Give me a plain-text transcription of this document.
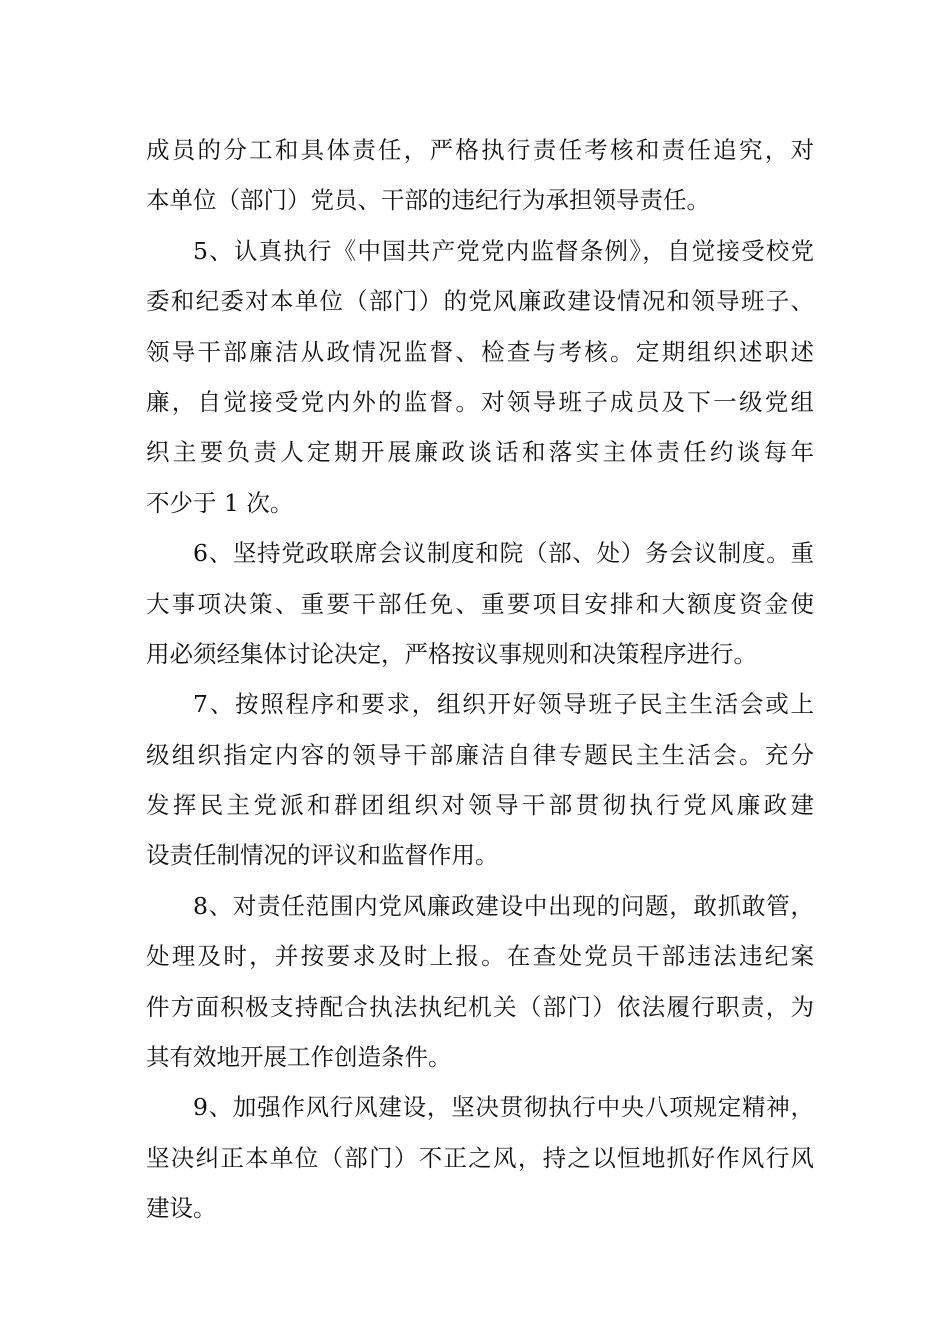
成员的分工和具体责任，严格执行责任考核和责任追究，对
本单位（部门）党员、干部的违纪行为承担领导责任。
5、认真执行《中国共产党党内监督条例》，自觉接受校党
委和纪委对本单位（部门）的党风廉政建设情况和领导班子、
领导干部廉洁从政情况监督、检查与考核。定期组织述职述
廉，自觉接受党内外的监督。对领导班子成员及下一级党组
织主要负责人定期开展廉政谈话和落实主体责任约谈每年
不少于 1 次。
6、坚持党政联席会议制度和院（部、处）务会议制度。重
大事项决策、重要干部任免、重要项目安排和大额度资金使
用必须经集体讨论决定，严格按议事规则和决策程序进行。
7、按照程序和要求，组织开好领导班子民主生活会或上
级组织指定内容的领导干部廉洁自律专题民主生活会。充分
发挥民主党派和群团组织对领导干部贯彻执行党风廉政建
设责任制情况的评议和监督作用。
8、对责任范围内党风廉政建设中出现的问题，敢抓敢管，
处理及时，并按要求及时上报。在查处党员干部违法违纪案
件方面积极支持配合执法执纪机关（部门）依法履行职责，为
其有效地开展工作创造条件。
9、加强作风行风建设，坚决贯彻执行中央八项规定精神，
坚决纠正本单位（部门）不正之风，持之以恒地抓好作风行风
建设。
